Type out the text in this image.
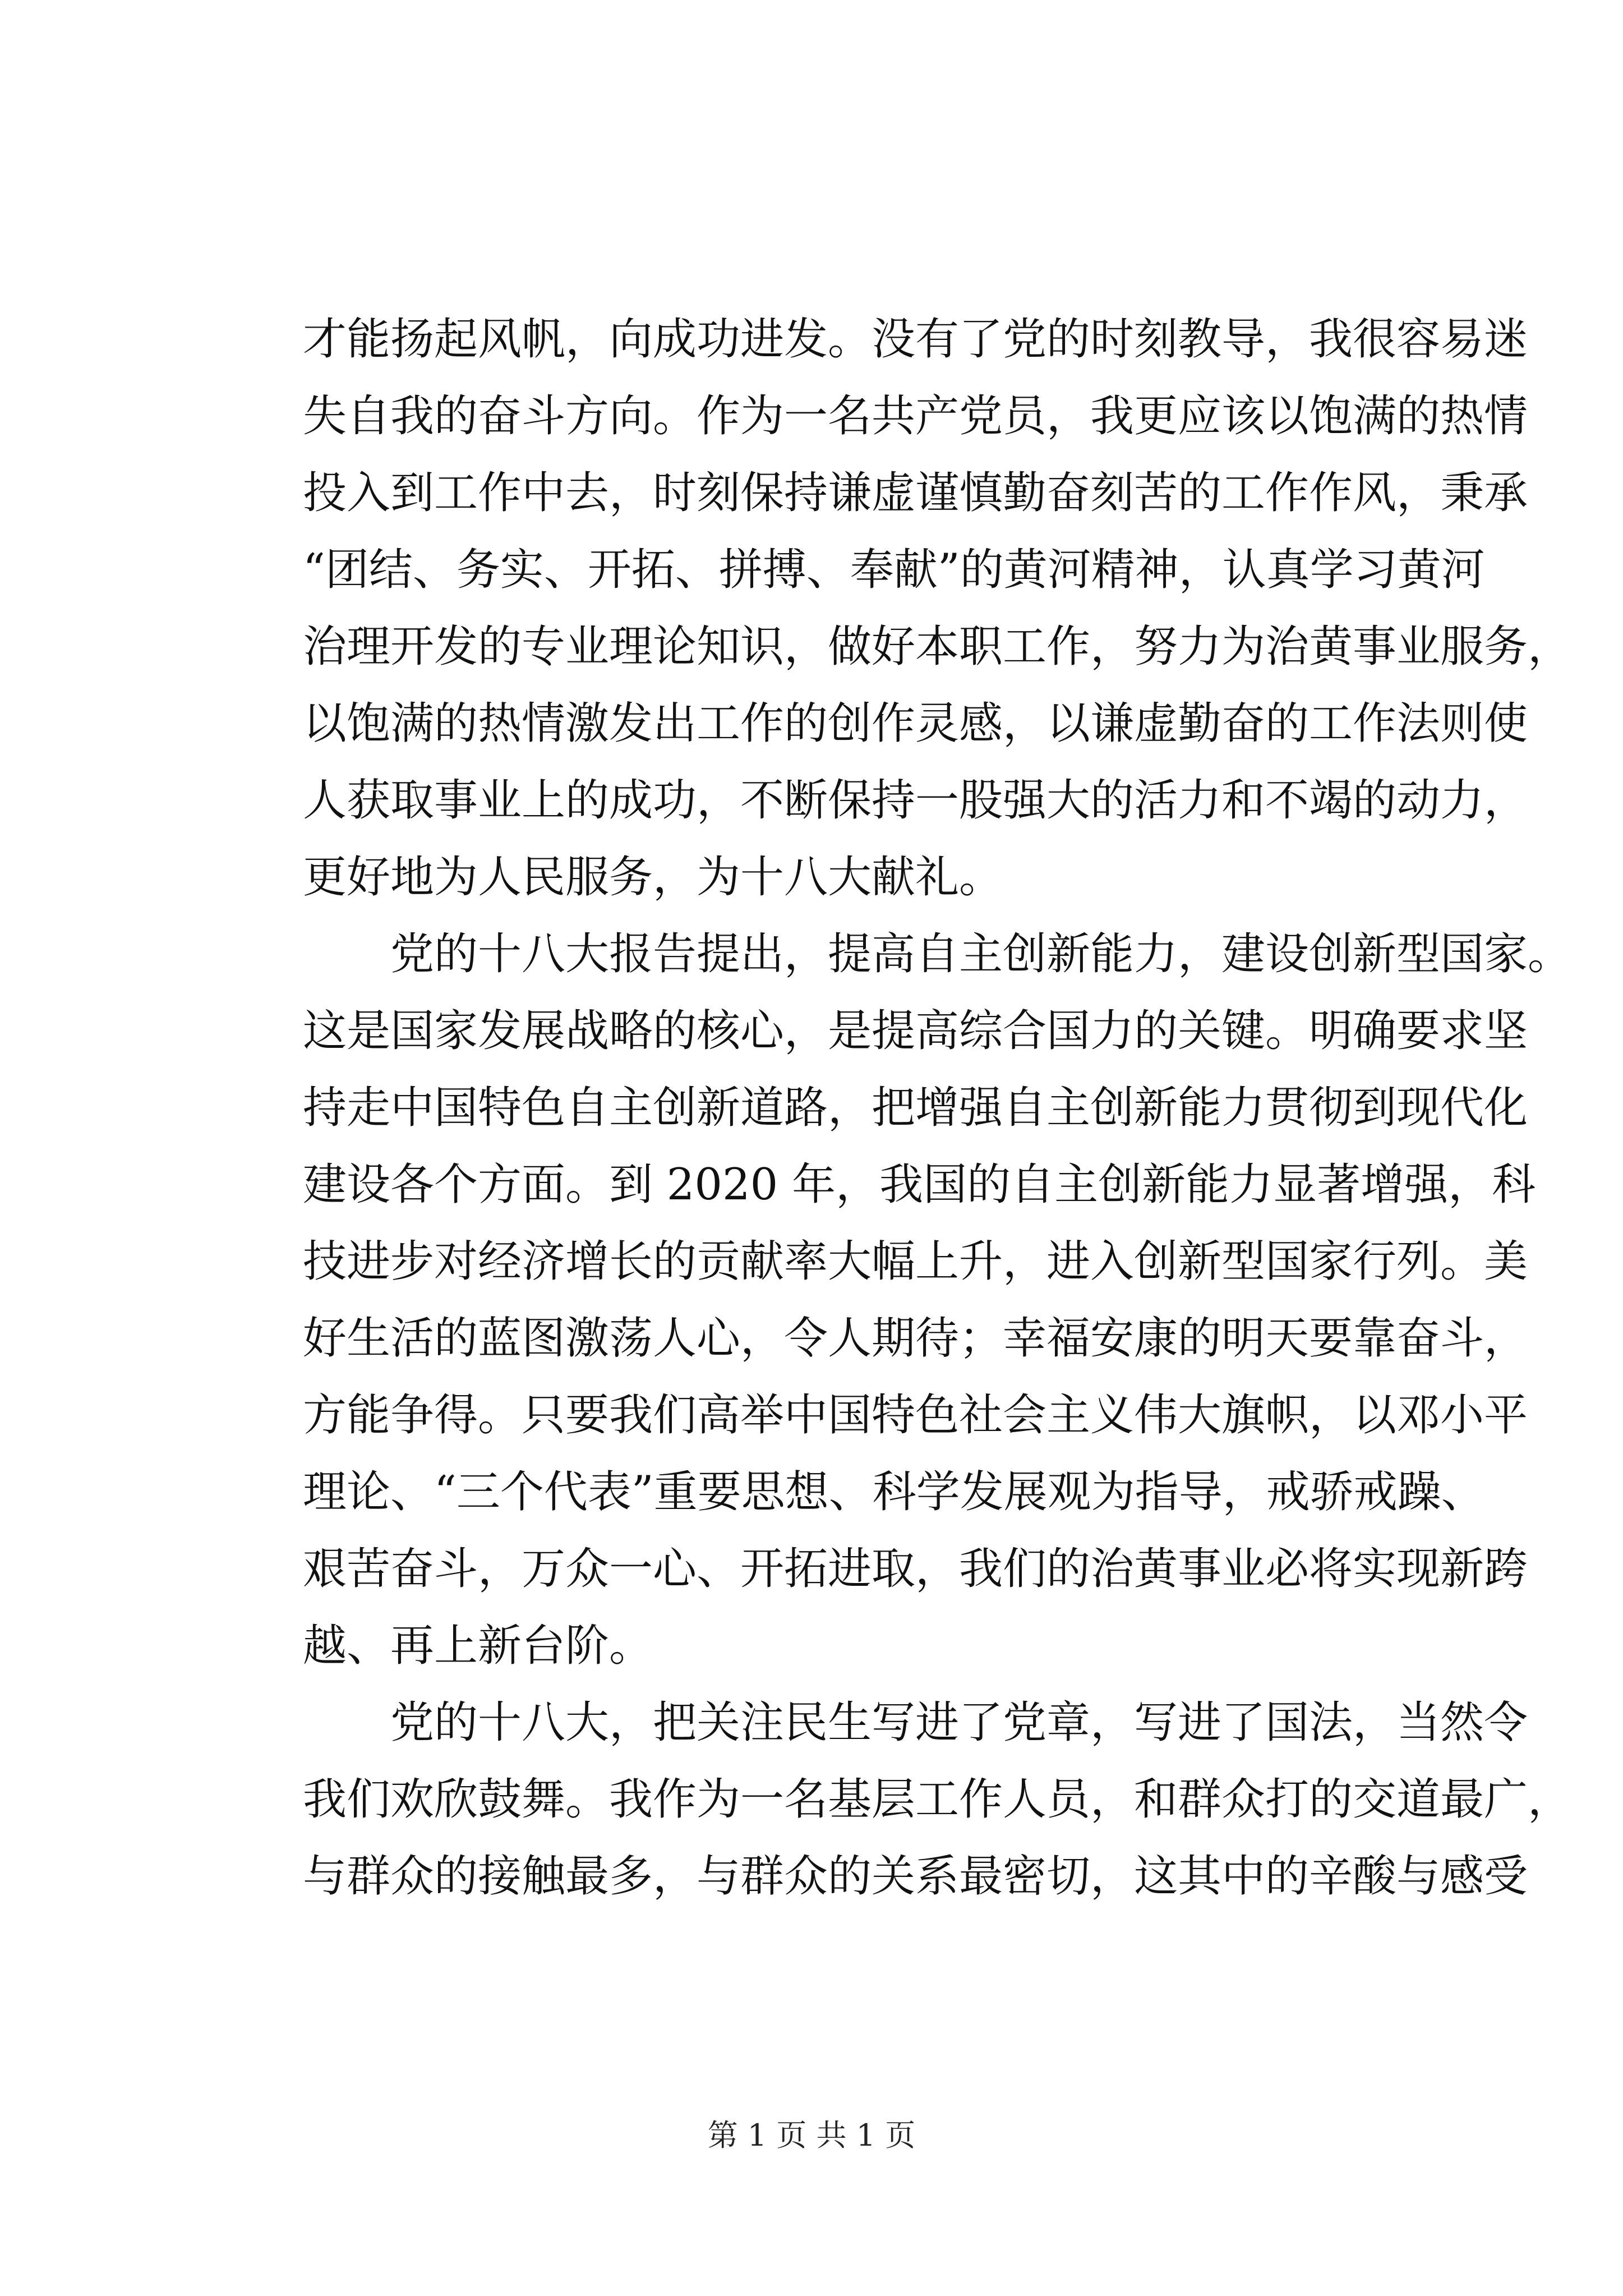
才能扬起风帆，向成功进发。没有了党的时刻教导，我很容易迷
失自我的奋斗方向。作为一名共产党员，我更应该以饱满的热情
投入到工作中去，时刻保持谦虚谨慎勤奋刻苦的工作作风，秉承
“团结、务实、开拓、拼搏、奉献”的黄河精神，认真学习黄河
治理开发的专业理论知识，做好本职工作，努力为治黄事业服务，
以饱满的热情激发出工作的创作灵感，以谦虚勤奋的工作法则使
人获取事业上的成功，不断保持一股强大的活力和不竭的动力，
更好地为人民服务，为十八大献礼。
　　党的十八大报告提出，提高自主创新能力，建设创新型国家。
这是国家发展战略的核心，是提高综合国力的关键。明确要求坚
持走中国特色自主创新道路，把增强自主创新能力贯彻到现代化
建设各个方面。到 2020 年，我国的自主创新能力显著增强，科
技进步对经济增长的贡献率大幅上升，进入创新型国家行列。美
好生活的蓝图激荡人心，令人期待；幸福安康的明天要靠奋斗，
方能争得。只要我们高举中国特色社会主义伟大旗帜，以邓小平
理论、“三个代表”重要思想、科学发展观为指导，戒骄戒躁、
艰苦奋斗，万众一心、开拓进取，我们的治黄事业必将实现新跨
越、再上新台阶。
　　党的十八大，把关注民生写进了党章，写进了国法，当然令
我们欢欣鼓舞。我作为一名基层工作人员，和群众打的交道最广，
与群众的接触最多，与群众的关系最密切，这其中的辛酸与感受
第 1 页 共 1 页
